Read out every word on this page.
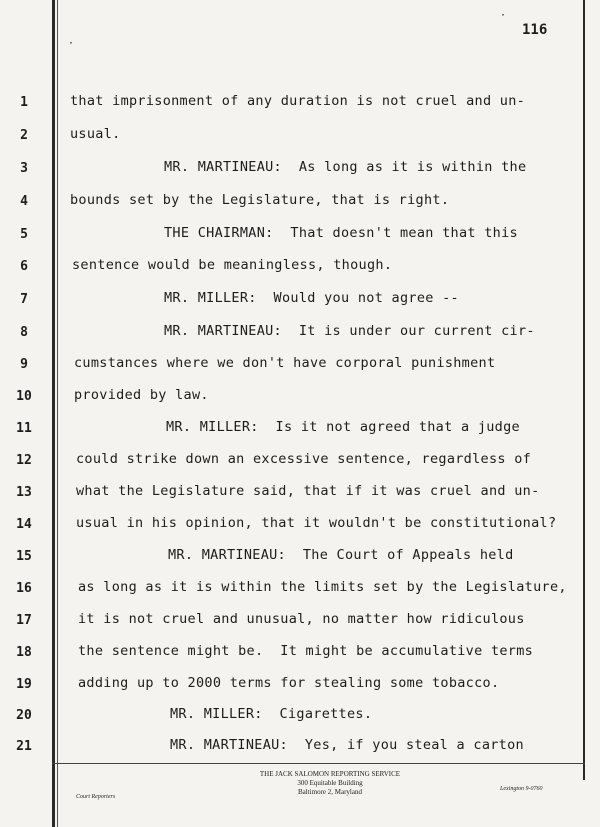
116
·
·
1
2
3
4
5
6
7
8
9
10
11
12
13
14
15
16
17
18
19
20
21
that imprisonment of any duration is not cruel and un-
usual.
MR. MARTINEAU:  As long as it is within the
bounds set by the Legislature, that is right.
THE CHAIRMAN:  That doesn't mean that this
sentence would be meaningless, though.
MR. MILLER:  Would you not agree --
MR. MARTINEAU:  It is under our current cir-
cumstances where we don't have corporal punishment
provided by law.
MR. MILLER:  Is it not agreed that a judge
could strike down an excessive sentence, regardless of
what the Legislature said, that if it was cruel and un-
usual in his opinion, that it wouldn't be constitutional?
MR. MARTINEAU:  The Court of Appeals held
as long as it is within the limits set by the Legislature,
it is not cruel and unusual, no matter how ridiculous
the sentence might be.  It might be accumulative terms
adding up to 2000 terms for stealing some tobacco.
MR. MILLER:  Cigarettes.
MR. MARTINEAU:  Yes, if you steal a carton
THE JACK SALOMON REPORTING SERVICE
300 Equitable Building
Baltimore 2, Maryland
Court Reporters
Lexington 9-0760
